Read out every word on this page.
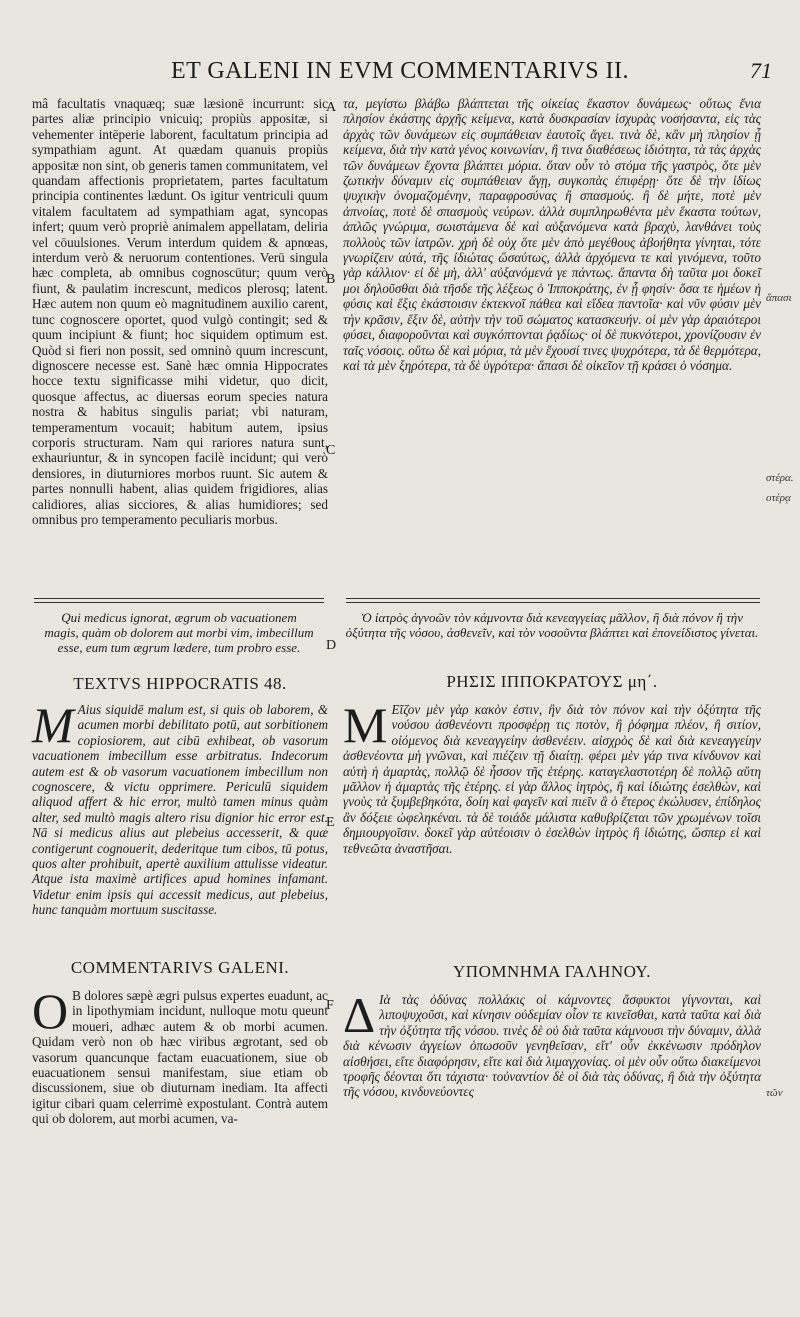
ET GALENI IN EVM COMMENTARIVS II.	71

mâ facultatis vnaquæq; suæ læsionē incurrunt: sic partes aliæ principio vnicuiq; propiùs appositæ, si vehementer intēperie laborent, facultatum principia ad sympathiam agunt. At quædam quanuis propiùs appositæ non sint, ob generis tamen communitatem, vel quandam affectionis proprietatem, partes facultatum principia continentes lædunt. Os igitur ventriculi quum vitalem facultatem ad sympathiam agat, syncopas infert; quum verò propriè animalem appellatam, deliria vel cōuulsiones. Verum interdum quidem & apnœas, interdum verò & neruorum contentiones. Verū singula hæc completa, ab omnibus cognoscūtur; quum verò fiunt, & paulatim increscunt, medicos plerosq; latent. Hæc autem non quum eò magnitudinem auxilio carent, tunc cognoscere oportet, quod vulgò contingit; sed & quum incipiunt & fiunt; hoc siquidem optimum est. Quòd si fieri non possit, sed omninò quum increscunt, dignoscere necesse est. Sanè hæc omnia Hippocrates hocce textu significasse mihi videtur, quo dicit, quosque affectus, ac diuersas eorum species natura nostra & habitus singulis pariat; vbi naturam, temperamentum vocauit; habitum autem, ipsius corporis structuram. Nam qui rariores natura sunt, exhauriuntur, & in syncopen facilè incidunt; qui verò densiores, in diuturniores morbos ruunt. Sic autem & partes nonnulli habent, alias quidem frigidiores, alias calidiores, alias sicciores, & alias humidiores; sed omnibus pro temperamento peculiaris morbus.

τα, μεγίστω βλάβω βλάπτεται τῆς οἰκείας ἕκαστον δυνάμεως· οὕτως ἔνια πλησίον ἑκάστης ἀρχῆς κείμενα, κατὰ δυσκρασίαν ἰσχυρὰς νοσήσαντα, εἰς τὰς ἀρχὰς τῶν δυνάμεων εἰς συμπάθειαν ἑαυτοῖς ἄγει. τινὰ δὲ, κἂν μὴ πλησίον ᾖ κείμενα, διὰ τὴν κατὰ γένος κοινωνίαν, ἢ τινα διαθέσεως ἰδιότητα, τὰ τὰς ἀρχὰς τῶν δυνάμεων ἔχοντα βλάπτει μόρια. ὅταν οὖν τὸ στόμα τῆς γαστρὸς, ὅτε μὲν ζωτικὴν δύναμιν εἰς συμπάθειαν ἄγῃ, συγκοπὰς ἐπιφέρῃ· ὅτε δὲ τὴν ἰδίως ψυχικὴν ὀνομαζομένην, παραφροσύνας ἢ σπασμούς. ἢ δὲ μήτε, ποτὲ μὲν ἀπνοίας, ποτὲ δὲ σπασμοὺς νεύρων. ἀλλὰ συμπληρωθέντα μὲν ἕκαστα τούτων, ἁπλῶς γνώριμα, σωιστάμενα δὲ καὶ αὐξανόμενα κατὰ βραχὺ, λανθάνει τοὺς πολλοὺς τῶν ἰατρῶν. χρὴ δὲ οὐχ ὅτε μὲν ἀπὸ μεγέθους ἀβοήθητα γίνηται, τότε γνωρίζειν αὐτά, τῆς ἰδιώτας ὥσαύτως, ἀλλὰ ἀρχόμενα τε καὶ γινόμενα, τοῦτο γὰρ κάλλιον· εἰ δὲ μὴ, ἀλλ' αὐξανόμενά γε πάντως. ἅπαντα δὴ ταῦτα μοι δοκεῖ μοι δηλοῦσθαι διὰ τῆσδε τῆς λέξεως ὁ Ἱπποκράτης, ἐν ᾗ φησίν· ὅσα τε ἡμέων ἡ φύσις καὶ ἕξις ἑκάστοισιν ἐκτεκνοῖ πάθεα καὶ εἴδεα παντοῖα· καὶ νῦν φύσιν μὲν τὴν κρᾶσιν, ἕξιν δὲ, αὐτὴν τὴν τοῦ σώματος κατασκευήν. οἱ μὲν γὰρ ἀραιότεροι φύσει, διαφοροῦνται καὶ συγκόπτονται ῥᾳδίως· οἱ δὲ πυκνότεροι, χρονίζουσιν ἐν ταῖς νόσοις. οὕτω δὲ καὶ μόρια, τὰ μὲν ἔχουσί τινες ψυχρότερα, τὰ δὲ θερμότερα, καὶ τὰ μὲν ξηρότερα, τὰ δὲ ὑγρότερα· ἅπασι δὲ οἰκεῖον τῇ κράσει ὁ νόσημα.

A
B
C
D
E
F
ἅπασι
στέρα.
οτέρᾳ
τῶν
Qui medicus ignorat, ægrum ob vacuationem magis, quàm ob dolorem aut morbi vim, imbecillum esse, eum tum ægrum lædere, tum probro esse.
Ὁ ἰατρὸς ἀγνοῶν τὸν κάμνοντα διὰ κενεαγγείας μᾶλλον, ἢ διὰ πόνον ἢ τὴν ὀξύτητα τῆς νόσου, ἀσθενεῖν, καὶ τὸν νοσοῦντα βλάπτει καὶ ἐπονείδιστος γίνεται.
TEXTVS HIPPOCRATIS 48.	ΡΗΣΙΣ ΙΠΠΟΚΡΑΤΟΥΣ μη΄.

M Aius siquidē malum est, si quis ob laborem, & acumen morbi debilitato potū, aut sorbitionem copiosiorem, aut cibū exhibeat, ob vasorum vacuationem imbecillum esse arbitratus. Indecorum autem est & ob vasorum vacuationem imbecillum non cognoscere, & victu opprimere. Periculū siquidem aliquod affert & hic error, multò tamen minus quàm alter, sed multò magis altero risu dignior hic error est. Nā si medicus alius aut plebeius accesserit, & quæ contigerunt cognouerit, dederitque tum cibos, tū potus, quos alter prohibuit, apertè auxilium attulisse videatur. Atque ista maximè artifices apud homines infamant. Videtur enim ipsis qui accessit medicus, aut plebeius, hunc tanquàm mortuum suscitasse.

M Εῖζον μὲν γὰρ κακὸν ἐστιν, ἢν διὰ τὸν πόνον καὶ τὴν ὀξύτητα τῆς νούσου ἀσθενέοντι προσφέρῃ τις ποτὸν, ἢ ῥόφημα πλέον, ἢ σιτίον, οἰόμενος διὰ κενεαγγείην ἀσθενέειν. αἰσχρὸς δὲ καὶ διὰ κενεαγγείην ἀσθενέοντα μὴ γνῶναι, καὶ πιέζειν τῇ διαίτῃ. φέρει μὲν γάρ τινα κίνδυνον καὶ αὐτὴ ἡ ἁμαρτὰς, πολλῷ δὲ ἧσσον τῆς ἑτέρης. καταγελαστοτέρη δὲ πολλῷ αὕτη μᾶλλον ἡ ἁμαρτὰς τῆς ἑτέρης. εἰ γὰρ ἄλλος ἰητρὸς, ἢ καὶ ἰδιώτης ἐσελθὼν, καὶ γνοὺς τὰ ξυμβεβηκότα, δοίη καὶ φαγεῖν καὶ πιεῖν ἃ ὁ ἕτερος ἐκώλυσεν, ἐπίδηλος ἂν δόξειε ὠφεληκέναι. τὰ δὲ τοιάδε μάλιστα καθυβρίζεται τῶν χρωμένων τοῖσι δημιουργοῖσιν. δοκεῖ γὰρ αὐτέοισιν ὁ ἐσελθὼν ἰητρὸς ἢ ἰδιώτης, ὥσπερ εἰ καὶ τεθνεῶτα ἀναστῆσαι.

COMMENTARIVS GALENI.	ΥΠΟΜΝΗΜΑ ΓΑΛΗΝΟΥ.

O B dolores sæpè ægri pulsus expertes euadunt, ac in lipothymiam incidunt, nulloque motu queunt moueri, adhæc autem & ob morbi acumen. Quidam verò non ob hæc viribus ægrotant, sed ob vasorum quancunque factam euacuationem, siue ob euacuationem sensui manifestam, siue etiam ob discussionem, siue ob diuturnam inediam. Ita affecti igitur cibari quam celerrimè expostulant. Contrà autem qui ob dolorem, aut morbi acumen, va-

Δ Ιὰ τὰς ὀδύνας πολλάκις οἱ κάμνοντες ἄσφυκτοι γίγνονται, καὶ λιποψυχοῦσι, καὶ κίνησιν οὐδεμίαν οἷον τε κινεῖσθαι, κατὰ ταῦτα καὶ διὰ τὴν ὀξύτητα τῆς νόσου. τινὲς δὲ οὐ διὰ ταῦτα κάμνουσι τὴν δύναμιν, ἀλλὰ διὰ κένωσιν ἀγγείων ὁπωσοῦν γενηθεῖσαν, εἴτ' οὖν ἐκκένωσιν πρόδηλον αἰσθήσει, εἴτε διαφόρησιν, εἴτε καὶ διὰ λιμαγχονίας. οἱ μὲν οὖν οὕτω διακείμενοι τροφῆς δέονται ὅτι τάχιστα· τοὐναντίον δὲ οἱ διὰ τὰς ὀδύνας, ἢ διὰ τὴν ὀξύτητα τῆς νόσου, κινδυνεύοντες
